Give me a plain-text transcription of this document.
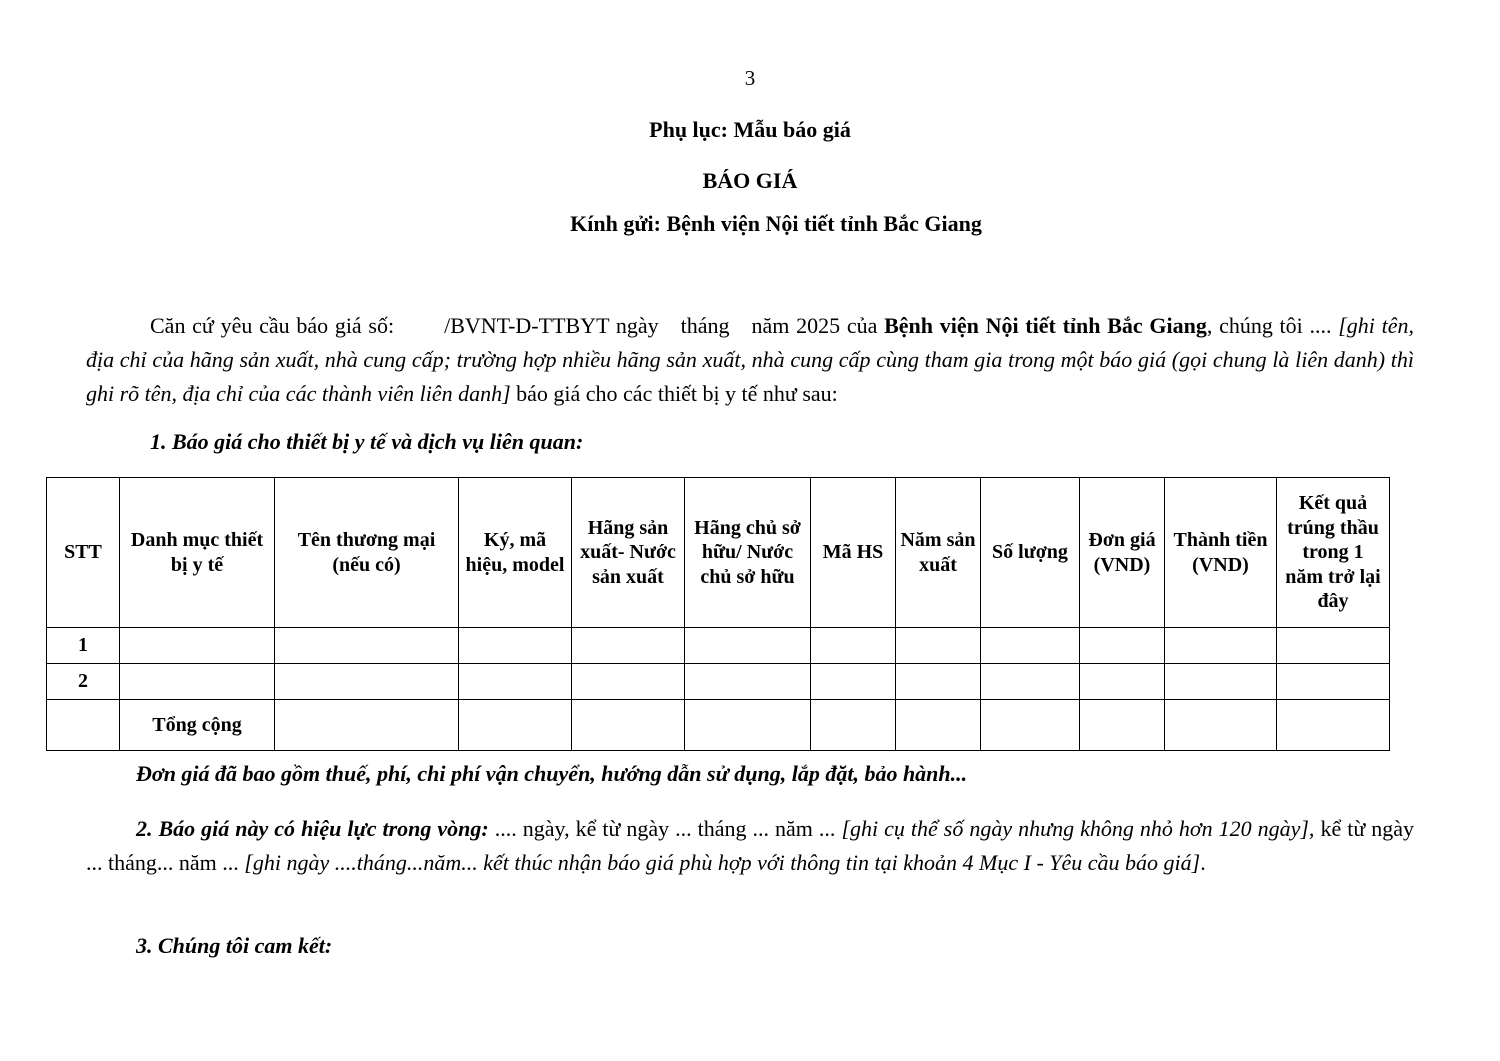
3
Phụ lục: Mẫu báo giá
BÁO GIÁ
Kính gửi: Bệnh viện Nội tiết tỉnh Bắc Giang
Căn cứ yêu cầu báo giá số: /BVNT-D-TTBYT ngày tháng năm 2025 của Bệnh viện Nội tiết tỉnh Bắc Giang, chúng tôi .... [ghi tên, địa chỉ của hãng sản xuất, nhà cung cấp; trường hợp nhiều hãng sản xuất, nhà cung cấp cùng tham gia trong một báo giá (gọi chung là liên danh) thì ghi rõ tên, địa chỉ của các thành viên liên danh] báo giá cho các thiết bị y tế như sau:
1. Báo giá cho thiết bị y tế và dịch vụ liên quan:
STT	Danh mục thiết bị y tế	Tên thương mại (nếu có)	Ký, mã hiệu, model	Hãng sản xuất- Nước sản xuất	Hãng chủ sở hữu/ Nước chủ sở hữu	Mã HS	Năm sản xuất	Số lượng	Đơn giá (VND)	Thành tiền (VND)	Kết quả trúng thầu trong 1 năm trở lại đây
1											
2											
	Tổng cộng										
Đơn giá đã bao gồm thuế, phí, chi phí vận chuyển, hướng dẫn sử dụng, lắp đặt, bảo hành...
2. Báo giá này có hiệu lực trong vòng: .... ngày, kể từ ngày ... tháng ... năm ... [ghi cụ thể số ngày nhưng không nhỏ hơn 120 ngày], kể từ ngày ... tháng... năm ... [ghi ngày ....tháng...năm... kết thúc nhận báo giá phù hợp với thông tin tại khoản 4 Mục I - Yêu cầu báo giá].
3. Chúng tôi cam kết:
